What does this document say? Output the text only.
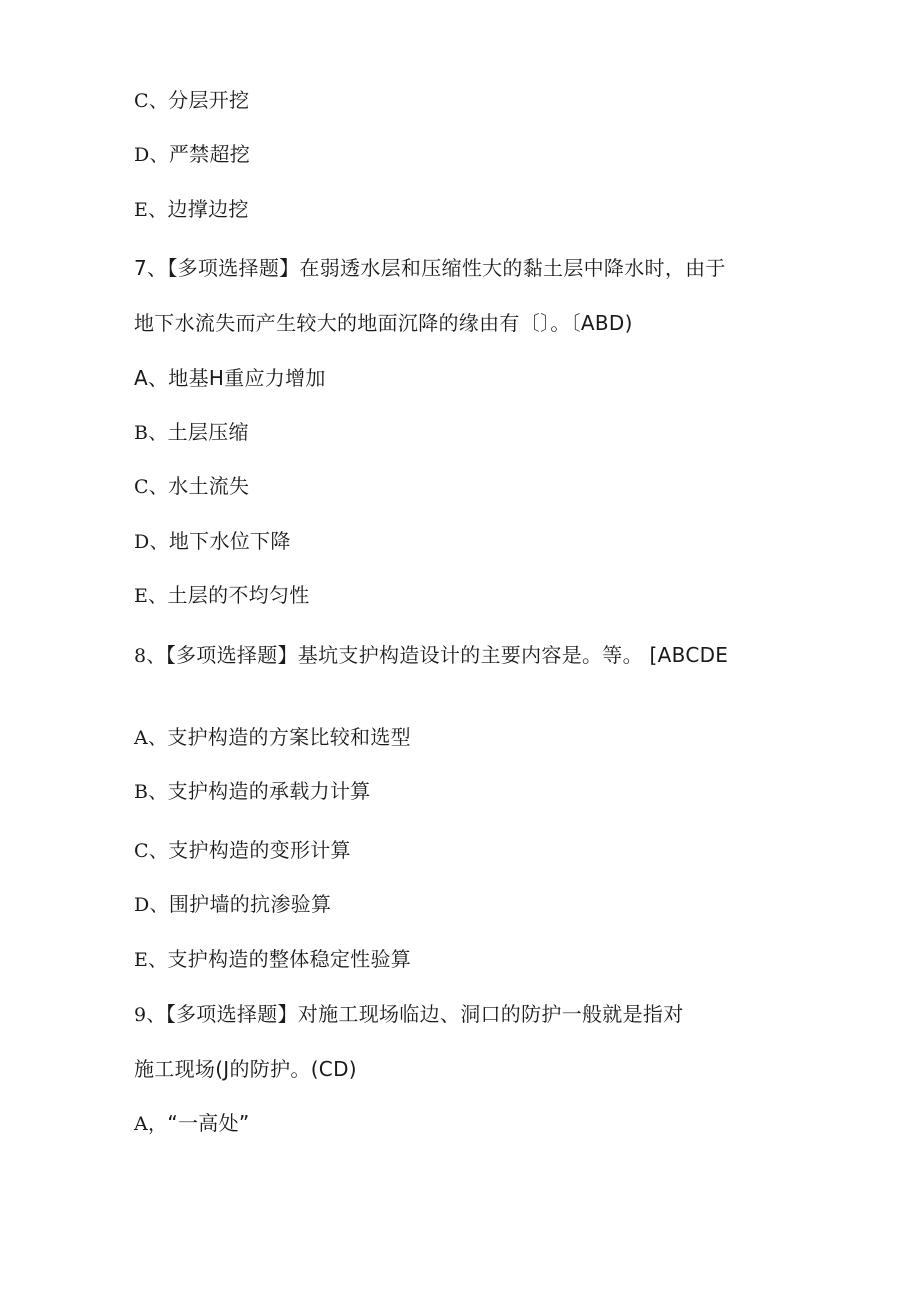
C、分层开挖
D、严禁超挖
E、边撑边挖
7、【多项选择题】在弱透水层和压缩性大的黏土层中降水时，由于
地下水流失而产生较大的地面沉降的缘由有〔〕。〔ABD)
A、地基H重应力增加
B、土层压缩
C、水土流失
D、地下水位下降
E、土层的不均匀性
8、【多项选择题】基坑支护构造设计的主要内容是。等。 [ABCDE
A、支护构造的方案比较和选型
B、支护构造的承载力计算
C、支护构造的变形计算
D、围护墙的抗渗验算
E、支护构造的整体稳定性验算
9、【多项选择题】对施工现场临边、洞口的防护一般就是指对
施工现场(J的防护。(CD)
A，“一高处”
